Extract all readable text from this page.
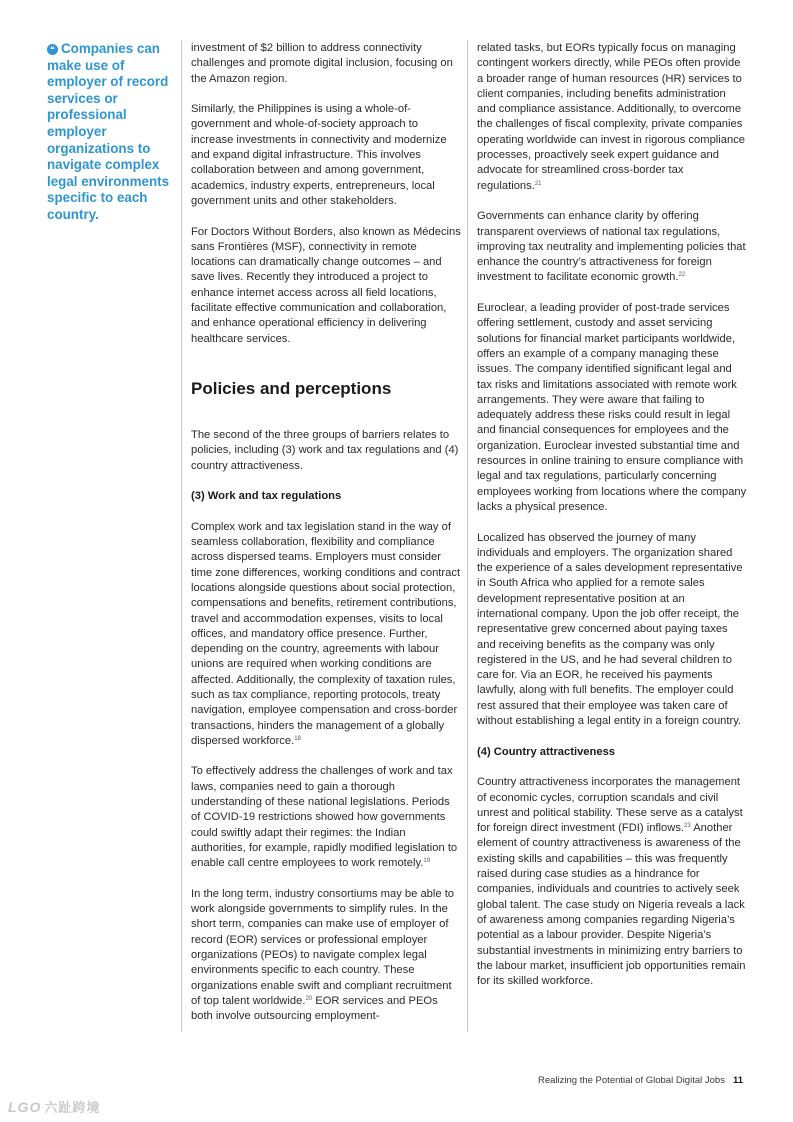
❝ Companies can make use of employer of record services or professional employer organizations to navigate complex legal environments specific to each country.

investment of $2 billion to address connectivity challenges and promote digital inclusion, focusing on the Amazon region.

Similarly, the Philippines is using a whole-of-government and whole-of-society approach to increase investments in connectivity and modernize and expand digital infrastructure. This involves collaboration between and among government, academics, industry experts, entrepreneurs, local government units and other stakeholders.

For Doctors Without Borders, also known as Médecins sans Frontières (MSF), connectivity in remote locations can dramatically change outcomes – and save lives. Recently they introduced a project to enhance internet access across all field locations, facilitate effective communication and collaboration, and enhance operational efficiency in delivering healthcare services.

Policies and perceptions

The second of the three groups of barriers relates to policies, including (3) work and tax regulations and (4) country attractiveness.

(3) Work and tax regulations

Complex work and tax legislation stand in the way of seamless collaboration, flexibility and compliance across dispersed teams. Employers must consider time zone differences, working conditions and contract locations alongside questions about social protection, compensations and benefits, retirement contributions, travel and accommodation expenses, visits to local offices, and mandatory office presence. Further, depending on the country, agreements with labour unions are required when working conditions are affected. Additionally, the complexity of taxation rules, such as tax compliance, reporting protocols, treaty navigation, employee compensation and cross-border transactions, hinders the management of a globally dispersed workforce.$^{18}$

To effectively address the challenges of work and tax laws, companies need to gain a thorough understanding of these national legislations. Periods of COVID-19 restrictions showed how governments could swiftly adapt their regimes: the Indian authorities, for example, rapidly modified legislation to enable call centre employees to work remotely.$^{19}$

In the long term, industry consortiums may be able to work alongside governments to simplify rules. In the short term, companies can make use of employer of record (EOR) services or professional employer organizations (PEOs) to navigate complex legal environments specific to each country. These organizations enable swift and compliant recruitment of top talent worldwide.$^{20}$ EOR services and PEOs both involve outsourcing employment-

related tasks, but EORs typically focus on managing contingent workers directly, while PEOs often provide a broader range of human resources (HR) services to client companies, including benefits administration and compliance assistance. Additionally, to overcome the challenges of fiscal complexity, private companies operating worldwide can invest in rigorous compliance processes, proactively seek expert guidance and advocate for streamlined cross-border tax regulations.$^{21}$

Governments can enhance clarity by offering transparent overviews of national tax regulations, improving tax neutrality and implementing policies that enhance the country’s attractiveness for foreign investment to facilitate economic growth.$^{22}$

Euroclear, a leading provider of post-trade services offering settlement, custody and asset servicing solutions for financial market participants worldwide, offers an example of a company managing these issues. The company identified significant legal and tax risks and limitations associated with remote work arrangements. They were aware that failing to adequately address these risks could result in legal and financial consequences for employees and the organization. Euroclear invested substantial time and resources in online training to ensure compliance with legal and tax regulations, particularly concerning employees working from locations where the company lacks a physical presence.

Localized has observed the journey of many individuals and employers. The organization shared the experience of a sales development representative in South Africa who applied for a remote sales development representative position at an international company. Upon the job offer receipt, the representative grew concerned about paying taxes and receiving benefits as the company was only registered in the US, and he had several children to care for. Via an EOR, he received his payments lawfully, along with full benefits. The employer could rest assured that their employee was taken care of without establishing a legal entity in a foreign country.

(4) Country attractiveness

Country attractiveness incorporates the management of economic cycles, corruption scandals and civil unrest and political stability. These serve as a catalyst for foreign direct investment (FDI) inflows.$^{23}$ Another element of country attractiveness is awareness of the existing skills and capabilities – this was frequently raised during case studies as a hindrance for companies, individuals and countries to actively seek global talent. The case study on Nigeria reveals a lack of awareness among companies regarding Nigeria’s potential as a labour provider. Despite Nigeria’s substantial investments in minimizing entry barriers to the labour market, insufficient job opportunities remain for its skilled workforce.

Realizing the Potential of Global Digital Jobs 11
LGO 六趾跨境
